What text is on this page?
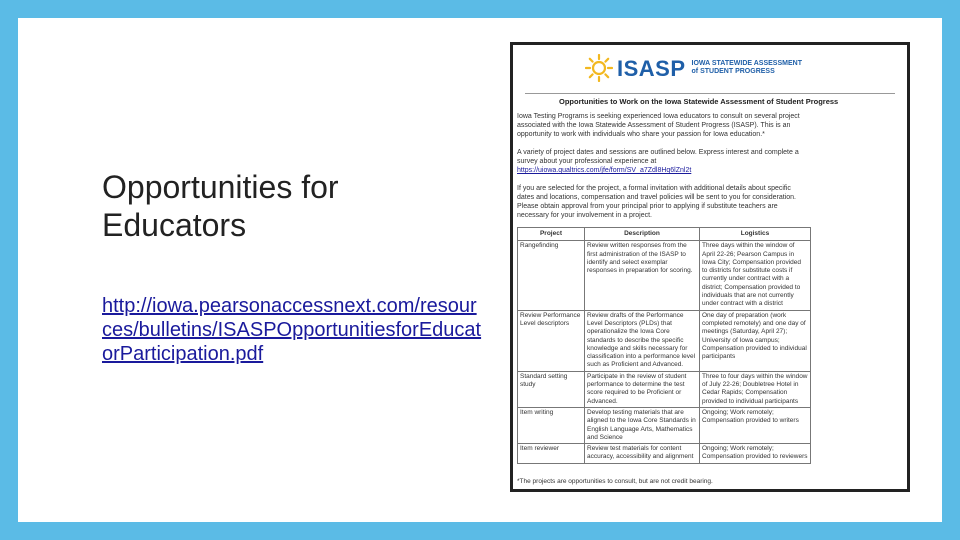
Opportunities for Educators
http://iowa.pearsonaccessnext.com/resources/bulletins/ISASPOpportunitiesforEducatorParticipation.pdf
ISASP IOWA STATEWIDE ASSESSMENT
of STUDENT PROGRESS
Opportunities to Work on the Iowa Statewide Assessment of Student Progress
Iowa Testing Programs is seeking experienced Iowa educators to consult on several project associated with the Iowa Statewide Assessment of Student Progress (ISASP). This is an opportunity to work with individuals who share your passion for Iowa education.*
A variety of project dates and sessions are outlined below. Express interest and complete a survey about your professional experience at https://uiowa.qualtrics.com/jfe/form/SV_a7Zdl8Hq6lZnl2t
If you are selected for the project, a formal invitation with additional details about specific dates and locations, compensation and travel policies will be sent to you for consideration. Please obtain approval from your principal prior to applying if substitute teachers are necessary for your involvement in a project.
Project	Description	Logistics
Rangefinding	Review written responses from the first administration of the ISASP to identify and select exemplar responses in preparation for scoring.	Three days within the window of April 22-26; Pearson Campus in Iowa City; Compensation provided to districts for substitute costs if currently under contract with a district; Compensation provided to individuals that are not currently under contract with a district
Review Performance Level descriptors	Review drafts of the Performance Level Descriptors (PLDs) that operationalize the Iowa Core standards to describe the specific knowledge and skills necessary for classification into a performance level such as Proficient and Advanced.	One day of preparation (work completed remotely) and one day of meetings (Saturday, April 27); University of Iowa campus; Compensation provided to individual participants
Standard setting study	Participate in the review of student performance to determine the test score required to be Proficient or Advanced.	Three to four days within the window of July 22-26; Doubletree Hotel in Cedar Rapids; Compensation provided to individual participants
Item writing	Develop testing materials that are aligned to the Iowa Core Standards in English Language Arts, Mathematics and Science	Ongoing; Work remotely; Compensation provided to writers
Item reviewer	Review test materials for content accuracy, accessibility and alignment	Ongoing; Work remotely; Compensation provided to reviewers
*The projects are opportunities to consult, but are not credit bearing.
